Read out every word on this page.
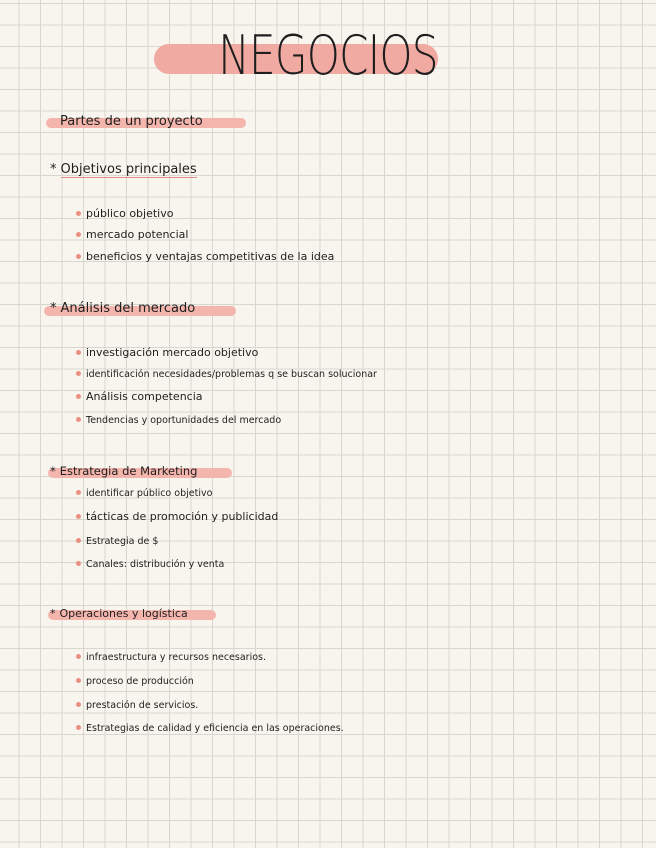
NEGOCIOS
Partes de un proyecto
* Objetivos principales
público objetivo
mercado potencial
beneficios y ventajas competitivas de la idea
* Análisis del mercado
investigación mercado objetivo
identificación necesidades/problemas q se buscan solucionar
Análisis competencia
Tendencias y oportunidades del mercado
* Estrategia de Marketing
identificar público objetivo
tácticas de promoción y publicidad
Estrategia de $
Canales: distribución y venta
* Operaciones y logística
infraestructura y recursos necesarios.
proceso de producción
prestación de servicios.
Estrategias de calidad y eficiencia en las operaciones.
